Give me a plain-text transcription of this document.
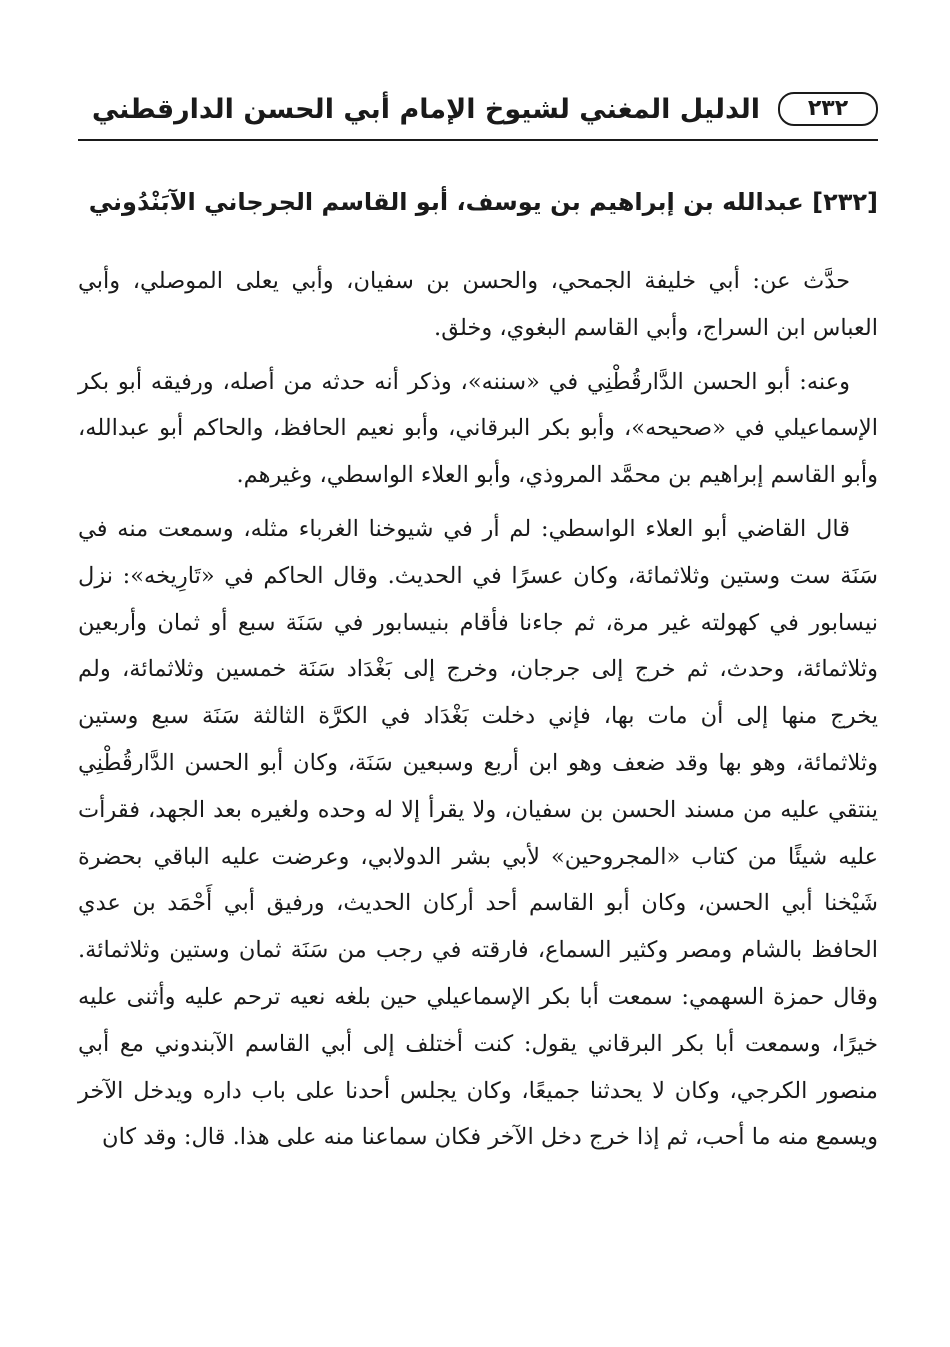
٢٣٢
الدليل المغني لشيوخ الإمام أبي الحسن الدارقطني
[٢٣٢] عبدالله بن إبراهيم بن يوسف، أبو القاسم الجرجاني الآبَنْدُوني

حدَّث عن: أبي خليفة الجمحي، والحسن بن سفيان، وأبي يعلى الموصلي، وأبي العباس ابن السراج، وأبي القاسم البغوي، وخلق.

وعنه: أبو الحسن الدَّارقُطْنِي في «سننه»، وذكر أنه حدثه من أصله، ورفيقه أبو بكر الإسماعيلي في «صحيحه»، وأبو بكر البرقاني، وأبو نعيم الحافظ، والحاكم أبو عبدالله، وأبو القاسم إبراهيم بن محمَّد المروذي، وأبو العلاء الواسطي، وغيرهم.

قال القاضي أبو العلاء الواسطي: لم أر في شيوخنا الغرباء مثله، وسمعت منه في سَنَة ست وستين وثلاثمائة، وكان عسرًا في الحديث. وقال الحاكم في «تَارِيخه»: نزل نيسابور في كهولته غير مرة، ثم جاءنا فأقام بنيسابور في سَنَة سبع أو ثمان وأربعين وثلاثمائة، وحدث، ثم خرج إلى جرجان، وخرج إلى بَغْدَاد سَنَة خمسين وثلاثمائة، ولم يخرج منها إلى أن مات بها، فإني دخلت بَغْدَاد في الكرَّة الثالثة سَنَة سبع وستين وثلاثمائة، وهو بها وقد ضعف وهو ابن أربع وسبعين سَنَة، وكان أبو الحسن الدَّارقُطْنِي ينتقي عليه من مسند الحسن بن سفيان، ولا يقرأ إلا له وحده ولغيره بعد الجهد، فقرأت عليه شيئًا من كتاب «المجروحين» لأبي بشر الدولابي، وعرضت عليه الباقي بحضرة شَيْخنا أبي الحسن، وكان أبو القاسم أحد أركان الحديث، ورفيق أبي أَحْمَد بن عدي الحافظ بالشام ومصر وكثير السماع، فارقته في رجب من سَنَة ثمان وستين وثلاثمائة. وقال حمزة السهمي: سمعت أبا بكر الإسماعيلي حين بلغه نعيه ترحم عليه وأثنى عليه خيرًا، وسمعت أبا بكر البرقاني يقول: كنت أختلف إلى أبي القاسم الآبندوني مع أبي منصور الكرجي، وكان لا يحدثنا جميعًا، وكان يجلس أحدنا على باب داره ويدخل الآخر ويسمع منه ما أحب، ثم إذا خرج دخل الآخر فكان سماعنا منه على هذا. قال: وقد كان
